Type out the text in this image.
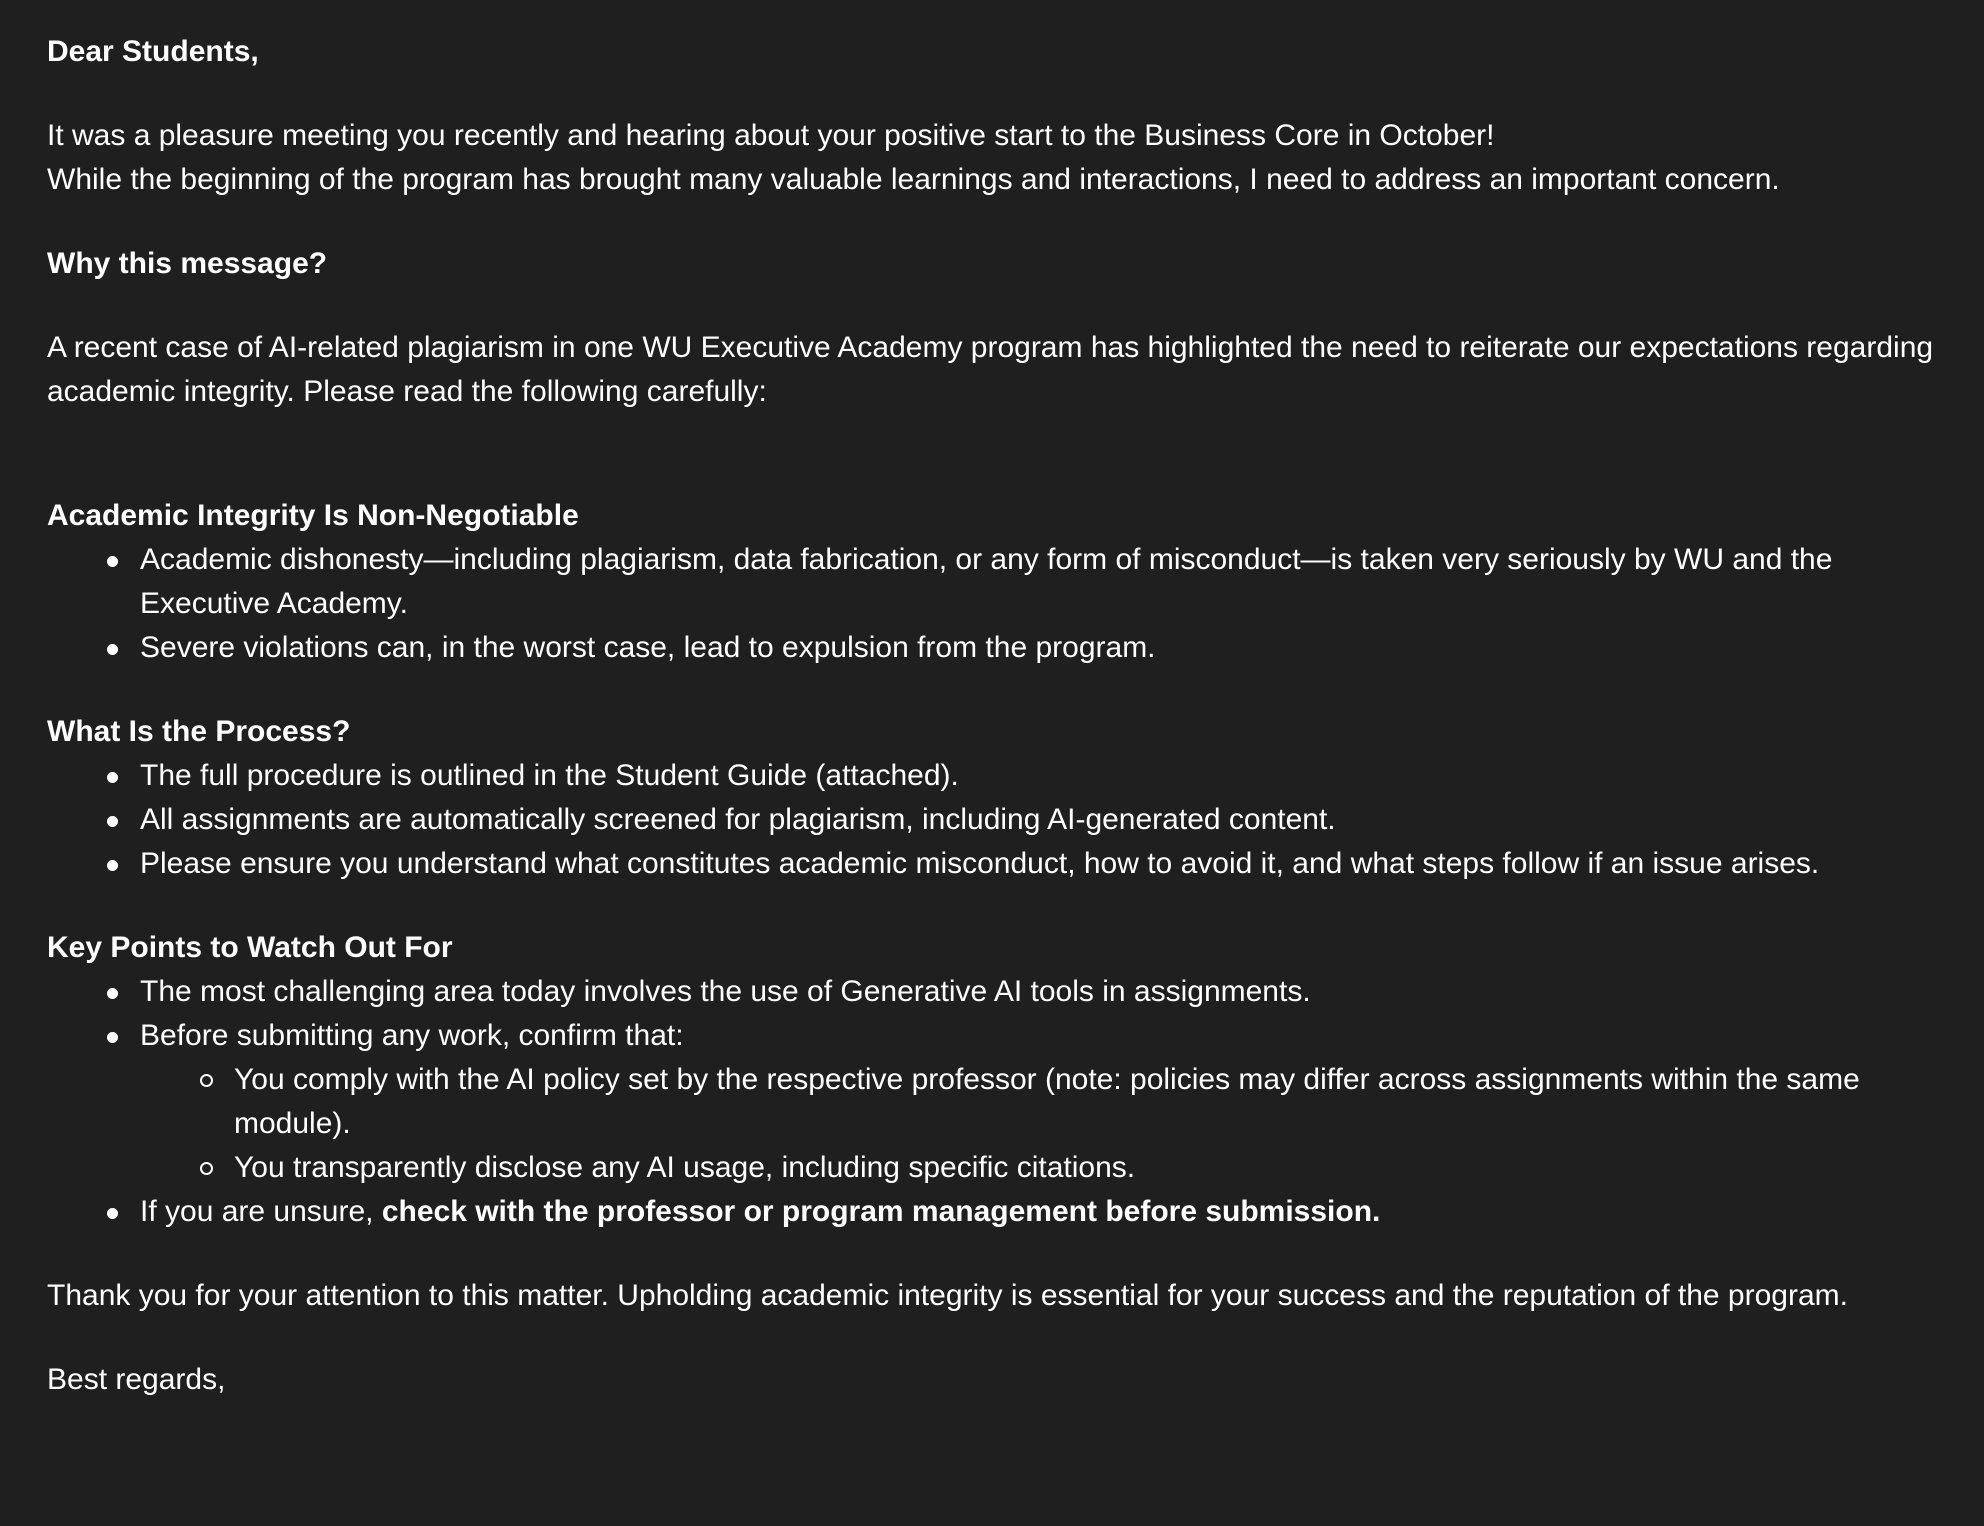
Dear Students,

It was a pleasure meeting you recently and hearing about your positive start to the Business Core in October!

While the beginning of the program has brought many valuable learnings and interactions, I need to address an important concern.

Why this message?

A recent case of AI-related plagiarism in one WU Executive Academy program has highlighted the need to reiterate our expectations regarding academic integrity. Please read the following carefully:

Academic Integrity Is Non-Negotiable

Academic dishonesty—including plagiarism, data fabrication, or any form of misconduct—is taken very seriously by WU and the Executive Academy.
Severe violations can, in the worst case, lead to expulsion from the program.

What Is the Process?

The full procedure is outlined in the Student Guide (attached).
All assignments are automatically screened for plagiarism, including AI-generated content.
Please ensure you understand what constitutes academic misconduct, how to avoid it, and what steps follow if an issue arises.

Key Points to Watch Out For

The most challenging area today involves the use of Generative AI tools in assignments.
Before submitting any work, confirm that:
You comply with the AI policy set by the respective professor (note: policies may differ across assignments within the same module).
You transparently disclose any AI usage, including specific citations.
If you are unsure, check with the professor or program management before submission.

Thank you for your attention to this matter. Upholding academic integrity is essential for your success and the reputation of the program.

Best regards,
